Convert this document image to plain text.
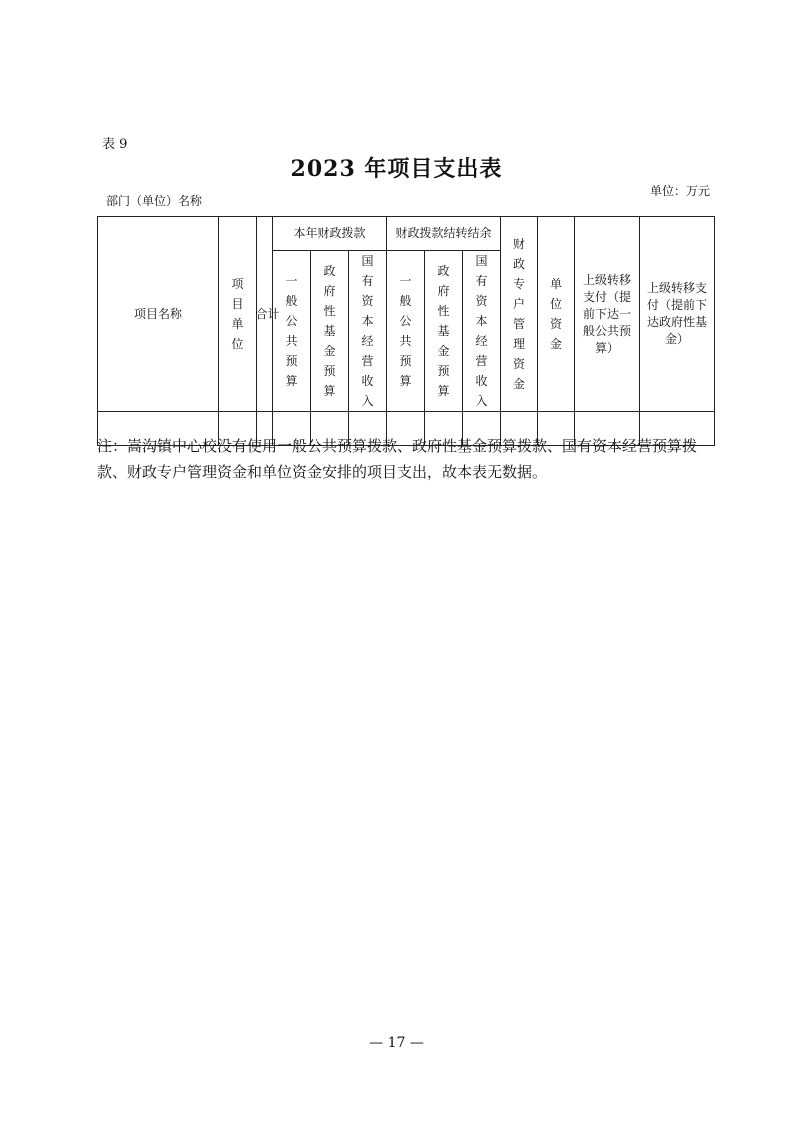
表 9
2023 年项目支出表
部门（单位）名称
单位：万元
项目名称	项目单位	合计	本年财政拨款			财政拨款结转结余			财政专户管理资金	单位资金	上级转移支付（提前下达一般公共预算）	上级转移支付（提前下达政府性基金）
			一般公共预算	政府性基金预算	国有资本经营收入	一般公共预算	政府性基金预算	国有资本经营收入				

注：嵩沟镇中心校没有使用一般公共预算拨款、政府性基金预算拨款、国有资本经营预算拨款、财政专户管理资金和单位资金安排的项目支出，故本表无数据。
— 17 —
